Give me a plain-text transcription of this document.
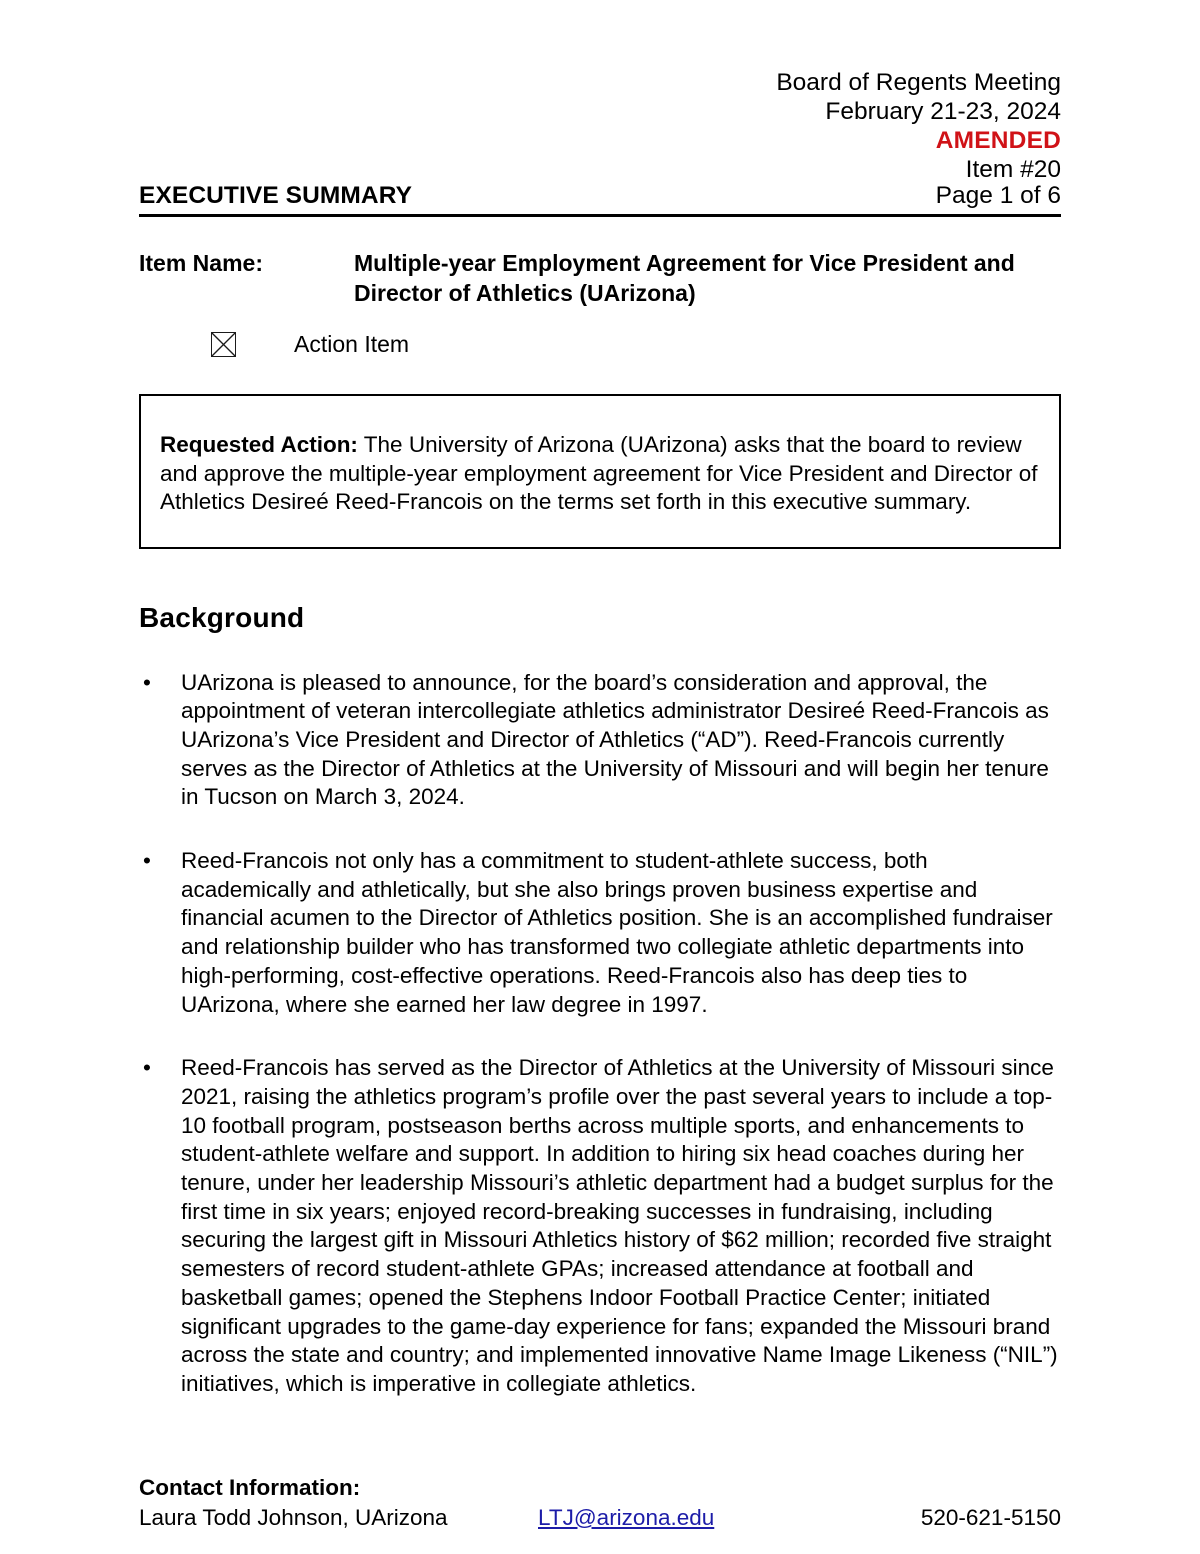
Board of Regents Meeting
February 21-23, 2024
AMENDED
Item #20
EXECUTIVE SUMMARY	Page 1 of 6
Item Name:	Multiple-year Employment Agreement for Vice President and
Director of Athletics (UArizona)
Action Item
Requested Action: The University of Arizona (UArizona) asks that the board to review and approve the multiple-year employment agreement for Vice President and Director of Athletics Desireé Reed-Francois on the terms set forth in this executive summary.
Background
• UArizona is pleased to announce, for the board’s consideration and approval, the appointment of veteran intercollegiate athletics administrator Desireé Reed-Francois as UArizona’s Vice President and Director of Athletics (“AD”). Reed-Francois currently serves as the Director of Athletics at the University of Missouri and will begin her tenure in Tucson on March 3, 2024.
• Reed-Francois not only has a commitment to student-athlete success, both academically and athletically, but she also brings proven business expertise and financial acumen to the Director of Athletics position. She is an accomplished fundraiser and relationship builder who has transformed two collegiate athletic departments into high-performing, cost-effective operations. Reed-Francois also has deep ties to UArizona, where she earned her law degree in 1997.
• Reed-Francois has served as the Director of Athletics at the University of Missouri since 2021, raising the athletics program’s profile over the past several years to include a top-10 football program, postseason berths across multiple sports, and enhancements to student-athlete welfare and support. In addition to hiring six head coaches during her tenure, under her leadership Missouri’s athletic department had a budget surplus for the first time in six years; enjoyed record-breaking successes in fundraising, including securing the largest gift in Missouri Athletics history of $62 million; recorded five straight semesters of record student-athlete GPAs; increased attendance at football and basketball games; opened the Stephens Indoor Football Practice Center; initiated significant upgrades to the game-day experience for fans; expanded the Missouri brand across the state and country; and implemented innovative Name Image Likeness (“NIL”) initiatives, which is imperative in collegiate athletics.
Contact Information:
Laura Todd Johnson, UArizona	LTJ@arizona.edu	520-621-5150
